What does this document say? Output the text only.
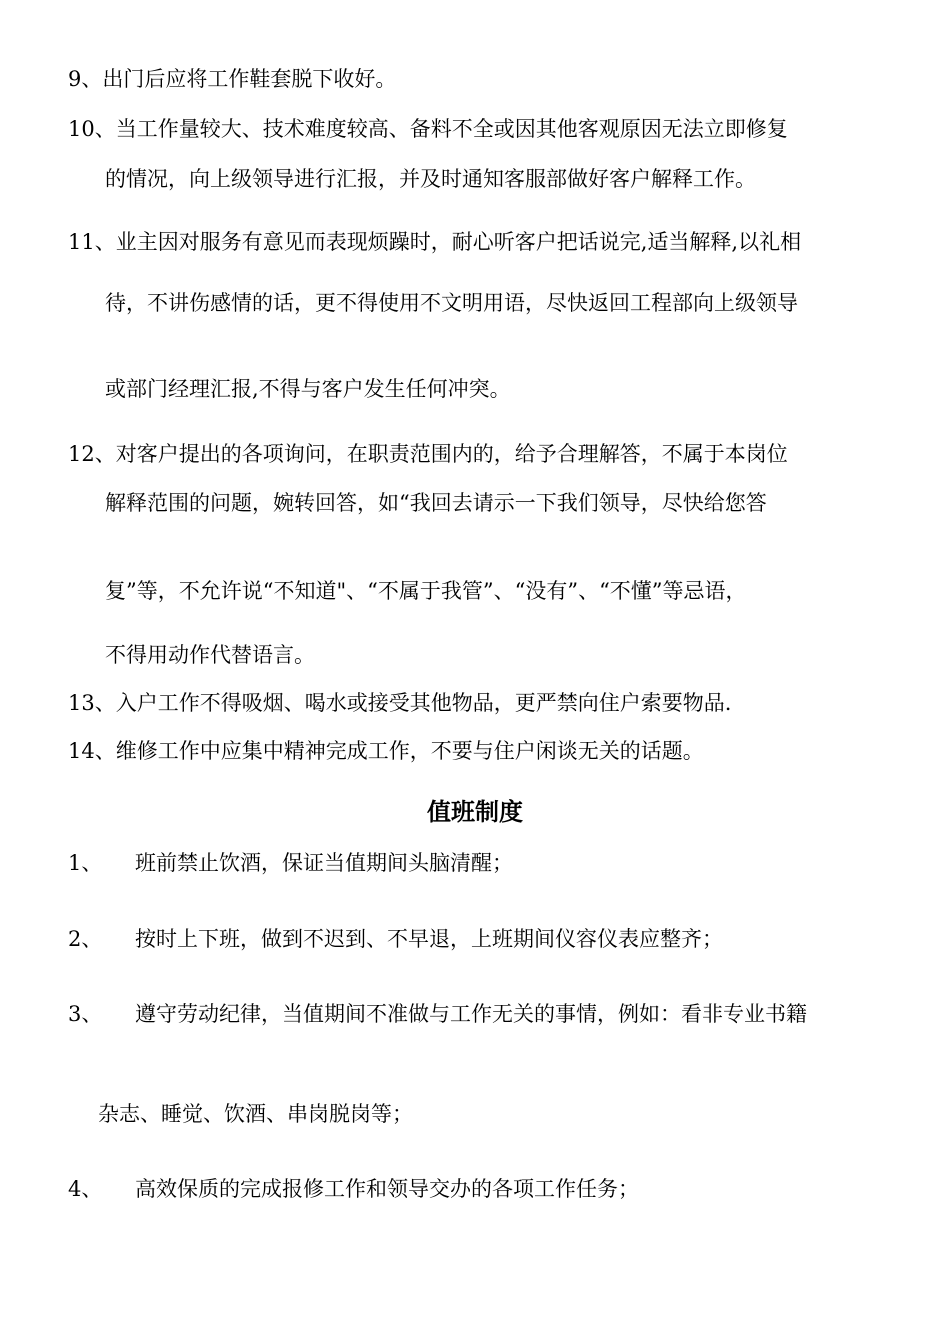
9、出门后应将工作鞋套脱下收好。
10、当工作量较大、技术难度较高、备料不全或因其他客观原因无法立即修复
的情况，向上级领导进行汇报，并及时通知客服部做好客户解释工作。
11、业主因对服务有意见而表现烦躁时，耐心听客户把话说完,适当解释,以礼相
待，不讲伤感情的话，更不得使用不文明用语，尽快返回工程部向上级领导
或部门经理汇报,不得与客户发生任何冲突。
12、对客户提出的各项询问，在职责范围内的，给予合理解答，不属于本岗位
解释范围的问题，婉转回答，如“我回去请示一下我们领导，尽快给您答
复”等，不允许说“不知道"、“不属于我管”、“没有”、“不懂”等忌语，
不得用动作代替语言。
13、入户工作不得吸烟、喝水或接受其他物品，更严禁向住户索要物品.
14、维修工作中应集中精神完成工作，不要与住户闲谈无关的话题。
值班制度
1、 班前禁止饮酒，保证当值期间头脑清醒；
2、 按时上下班，做到不迟到、不早退，上班期间仪容仪表应整齐；
3、 遵守劳动纪律，当值期间不准做与工作无关的事情，例如：看非专业书籍
杂志、睡觉、饮酒、串岗脱岗等；
4、 高效保质的完成报修工作和领导交办的各项工作任务；
